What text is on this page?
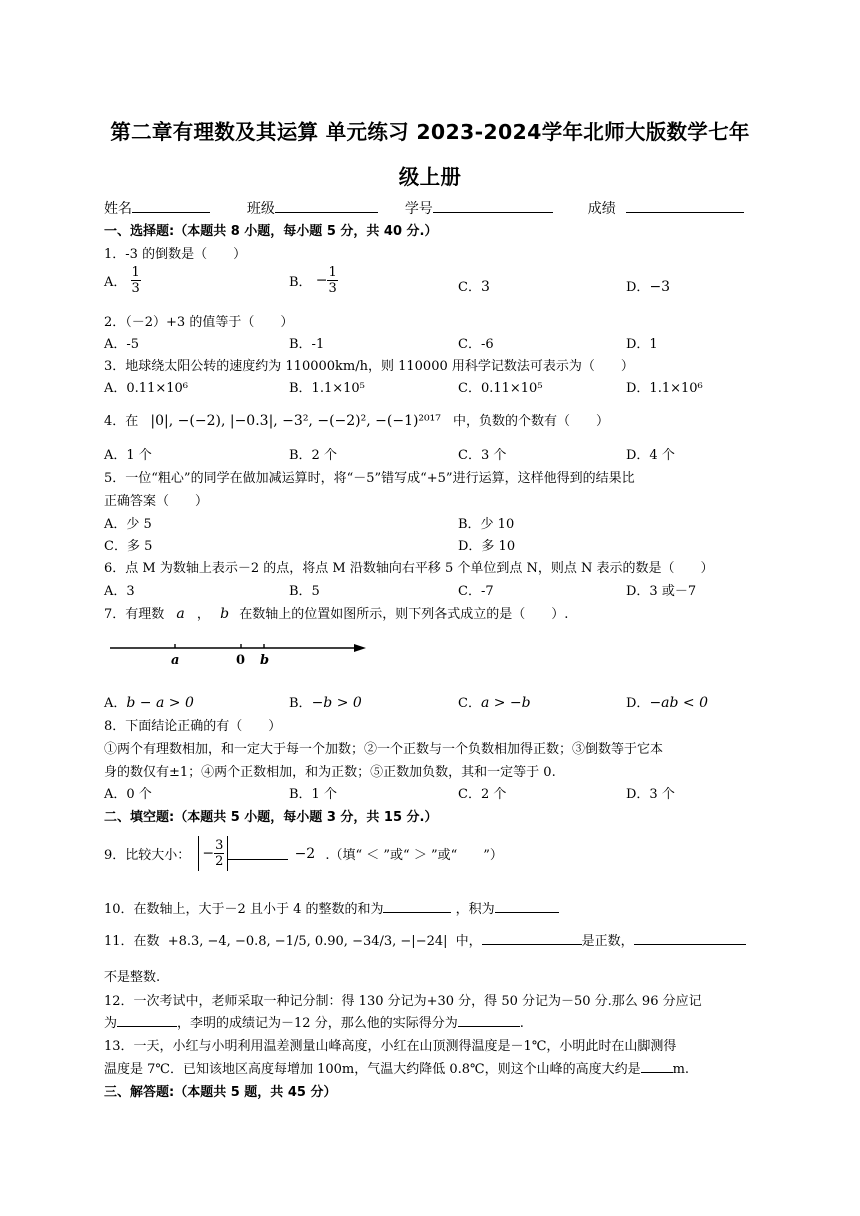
第二章有理数及其运算 单元练习 2023-2024学年北师大版数学七年
级上册
姓名	班级	学号	成绩
一、选择题:（本题共 8 小题，每小题 5 分，共 40 分.）
1．-3 的倒数是（　　）
A． $\frac{1}{3}$	B． − $\frac{1}{3}$	C．3	D．−3
2．（－2）+3 的值等于（　　）
A．-5	B．-1	C．-6	D．1
3．地球绕太阳公转的速度约为 110000km/h，则 110000 用科学记数法可表示为（　　）
A．0.11×10⁶	B．1.1×10⁵	C．0.11×10⁵	D．1.1×10⁶
4．在 |0|, −(−2), |−0.3|, −3², −(−2)², −(−1)²⁰¹⁷ 中，负数的个数有（　　）
A．1 个	B．2 个	C．3 个	D．4 个
5．一位“粗心”的同学在做加减运算时，将“－5”错写成“+5”进行运算，这样他得到的结果比
正确答案（　　）
A．少 5	B．少 10
C．多 5	D．多 10
6．点 M 为数轴上表示－2 的点，将点 M 沿数轴向右平移 5 个单位到点 N，则点 N 表示的数是（　　）
A．3	B．5	C．-7	D．3 或－7
7．有理数 a ， b 在数轴上的位置如图所示，则下列各式成立的是（　　）.
a	0 b
A．b − a > 0	B．−b > 0	C．a > −b	D．−ab < 0
8．下面结论正确的有（　　）
①两个有理数相加，和一定大于每一个加数；②一个正数与一个负数相加得正数；③倒数等于它本
身的数仅有±1；④两个正数相加，和为正数；⑤正数加负数，其和一定等于 0.
A．0 个	B．1 个	C．2 个	D．3 个
二、填空题:（本题共 5 小题，每小题 3 分，共 15 分.）
9．比较大小： − $\frac{3}{2}$	−2 .（填“ ＜ ”或“ ＞ ”或“　　”）
10．在数轴上，大于－2 且小于 4 的整数的和为	，积为
11．在数 +8.3, −4, −0.8, −1/5, 0.90, −34/3, −|−24| 中，	是正数，
不是整数.
12．一次考试中，老师采取一种记分制：得 130 分记为+30 分，得 50 分记为－50 分.那么 96 分应记
为	，李明的成绩记为－12 分，那么他的实际得分为	.
13．一天，小红与小明利用温差测量山峰高度，小红在山顶测得温度是－1℃，小明此时在山脚测得
温度是 7℃．已知该地区高度每增加 100m，气温大约降低 0.8℃，则这个山峰的高度大约是 m.
三、解答题:（本题共 5 题，共 45 分）
